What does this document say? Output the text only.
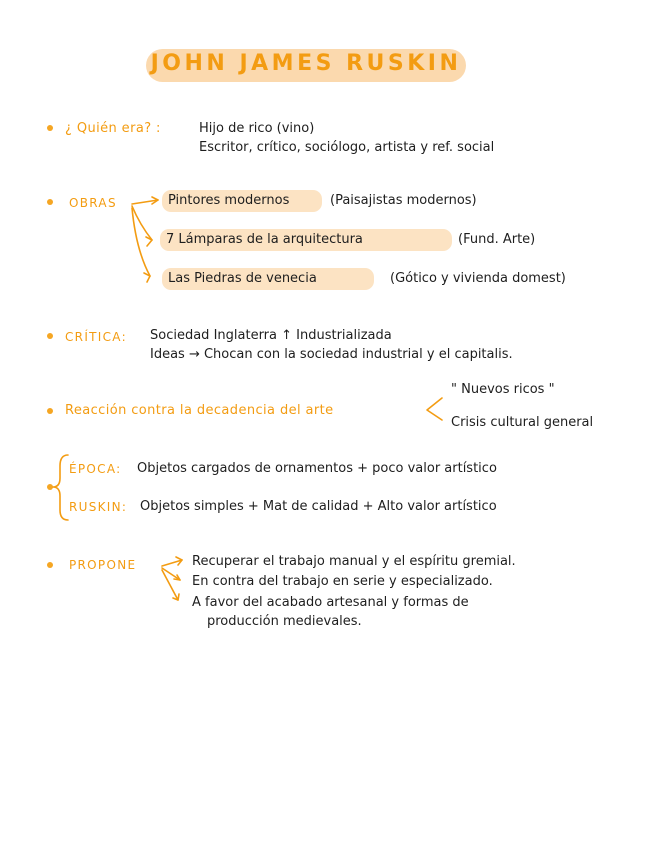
JOHN JAMES RUSKIN
¿ Quién era? :	Hijo de rico (vino)
Escritor, crítico, sociólogo, artista y ref. social
OBRAS	Pintores modernos	(Paisajistas modernos)
7 Lámparas de la arquitectura	(Fund. Arte)
Las Piedras de venecia	(Gótico y vivienda domest)
CRÍTICA: Sociedad Inglaterra ↑ Industrializada
Ideas → Chocan con la sociedad industrial y el capitalis.
Reacción contra la decadencia del arte
" Nuevos ricos "
Crisis cultural general
ÉPOCA: Objetos cargados de ornamentos + poco valor artístico
RUSKIN: Objetos simples + Mat de calidad + Alto valor artístico
PROPONE	Recuperar el trabajo manual y el espíritu gremial.
En contra del trabajo en serie y especializado.
A favor del acabado artesanal y formas de
producción medievales.
